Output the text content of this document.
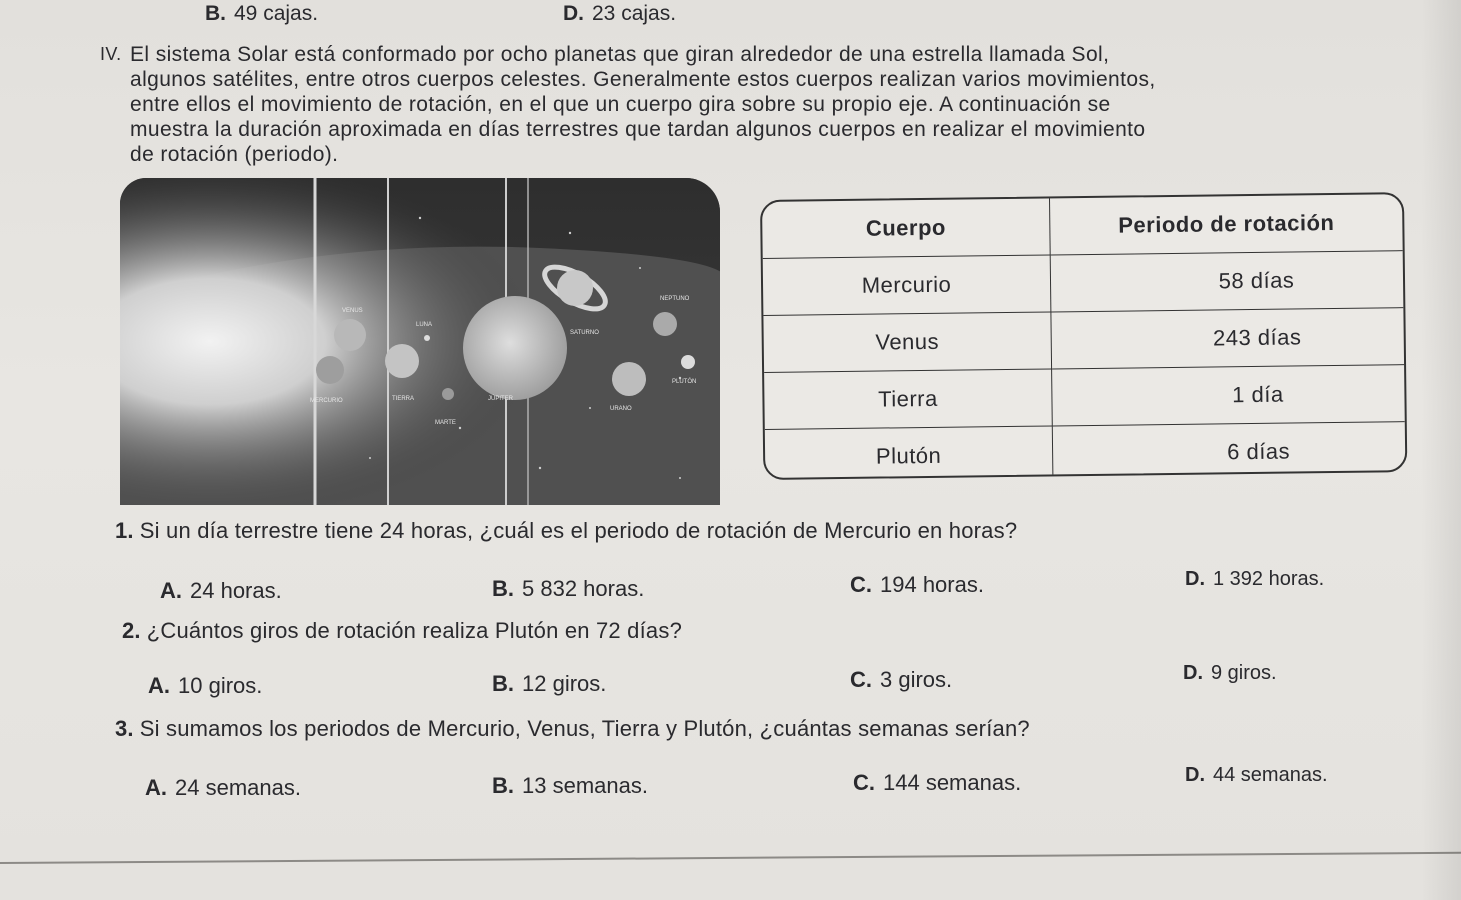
B. 49 cajas.	D. 23 cajas.
IV. El sistema Solar está conformado por ocho planetas que giran alrededor de una estrella llamada Sol,

algunos satélites, entre otros cuerpos celestes. Generalmente estos cuerpos realizan varios movimientos,

entre ellos el movimiento de rotación, en el que un cuerpo gira sobre su propio eje. A continuación se

muestra la duración aproximada en días terrestres que tardan algunos cuerpos en realizar el movimiento

de rotación (periodo).

MERCURIO	TIERRA
LUNA
JÚPITER
MARTE
SATURNO
NEPTUNO
URANO
PLUTÓN
VENUS
Cuerpo	Periodo de rotación
Mercurio	58 días
Venus	243 días
Tierra	1 día
Plutón	6 días
1. Si un día terrestre tiene 24 horas, ¿cuál es el periodo de rotación de Mercurio en horas?
A. 24 horas.	B. 5 832 horas.	C. 194 horas.	D. 1 392 horas.
2. ¿Cuántos giros de rotación realiza Plutón en 72 días?
A. 10 giros.	B. 12 giros.	C. 3 giros.	D. 9 giros.
3. Si sumamos los periodos de Mercurio, Venus, Tierra y Plutón, ¿cuántas semanas serían?
A. 24 semanas.	B. 13 semanas.	C. 144 semanas.	D. 44 semanas.
